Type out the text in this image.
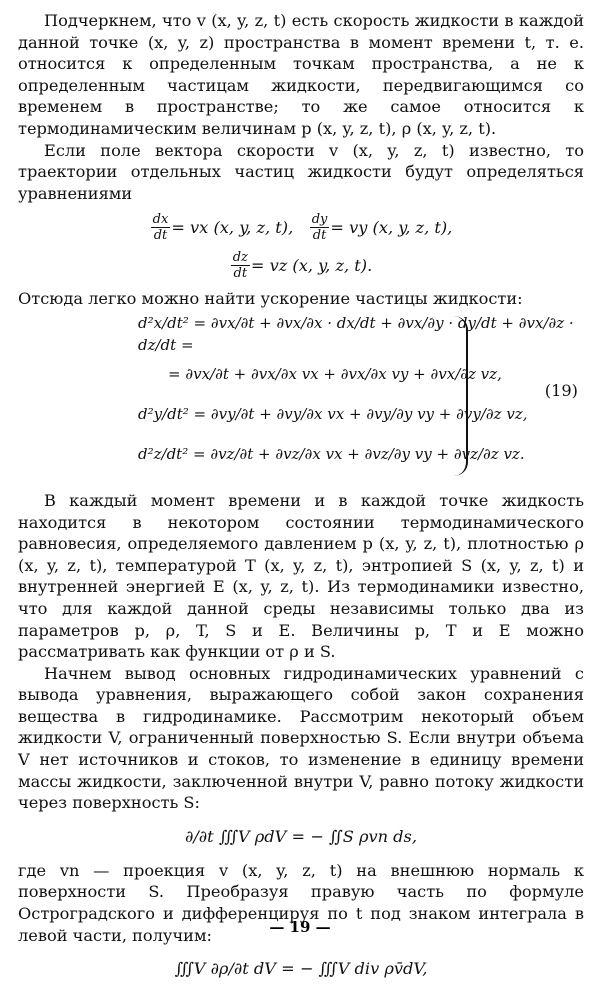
Подчеркнем, что v (x, y, z, t) есть скорость жидкости в каждой данной точке (x, y, z) пространства в момент времени t, т. е. относится к определенным точкам пространства, а не к определенным частицам жидкости, передвигающимся со временем в пространстве; то же самое относится к термодинамическим величинам p (x, y, z, t), ρ (x, y, z, t).

Если поле вектора скорости v (x, y, z, t) известно, то траектории отдельных частиц жидкости будут определяться уравнениями

$\frac{dx}{dt}$ = vx (x, y, z, t),
$\frac{dy}{dt}$ = vy (x, y, z, t),
$\frac{dz}{dt}$ = vz (x, y, z, t).

Отсюда легко можно найти ускорение частицы жидкости:

d²x/dt² = ∂vx/∂t + ∂vx/∂x · dx/dt + ∂vx/∂y · dy/dt + ∂vx/∂z · dz/dt =
= ∂vx/∂t + ∂vx/∂x vx + ∂vx/∂x vy + ∂vx/∂z vz,
d²y/dt² = ∂vy/∂t + ∂vy/∂x vx + ∂vy/∂y vy + ∂vy/∂z vz,
d²z/dt² = ∂vz/∂t + ∂vz/∂x vx + ∂vz/∂y vy + ∂vz/∂z vz.
(19)

В каждый момент времени и в каждой точке жидкость находится в некотором состоянии термодинамического равновесия, определяемого давлением p (x, y, z, t), плотностью ρ (x, y, z, t), температурой T (x, y, z, t), энтропией S (x, y, z, t) и внутренней энергией E (x, y, z, t). Из термодинамики известно, что для каждой данной среды независимы только два из параметров p, ρ, T, S и E. Величины p, T и E можно рассматривать как функции от ρ и S.

Начнем вывод основных гидродинамических уравнений с вывода уравнения, выражающего собой закон сохранения вещества в гидродинамике. Рассмотрим некоторый объем жидкости V, ограниченный поверхностью S. Если внутри объема V нет источников и стоков, то изменение в единицу времени массы жидкости, заключенной внутри V, равно потоку жидкости через поверхность S:

∂/∂t ∭V ρdV
= − ∬S ρvn ds,

где vn — проекция v (x, y, z, t) на внешнюю нормаль к поверхности S. Преобразуя правую часть по формуле Остроградского и дифференцируя по t под знаком интеграла в левой части, получим:

∭V ∂ρ/∂t dV
= − ∭V div ρv̄dV,
— 19 —
